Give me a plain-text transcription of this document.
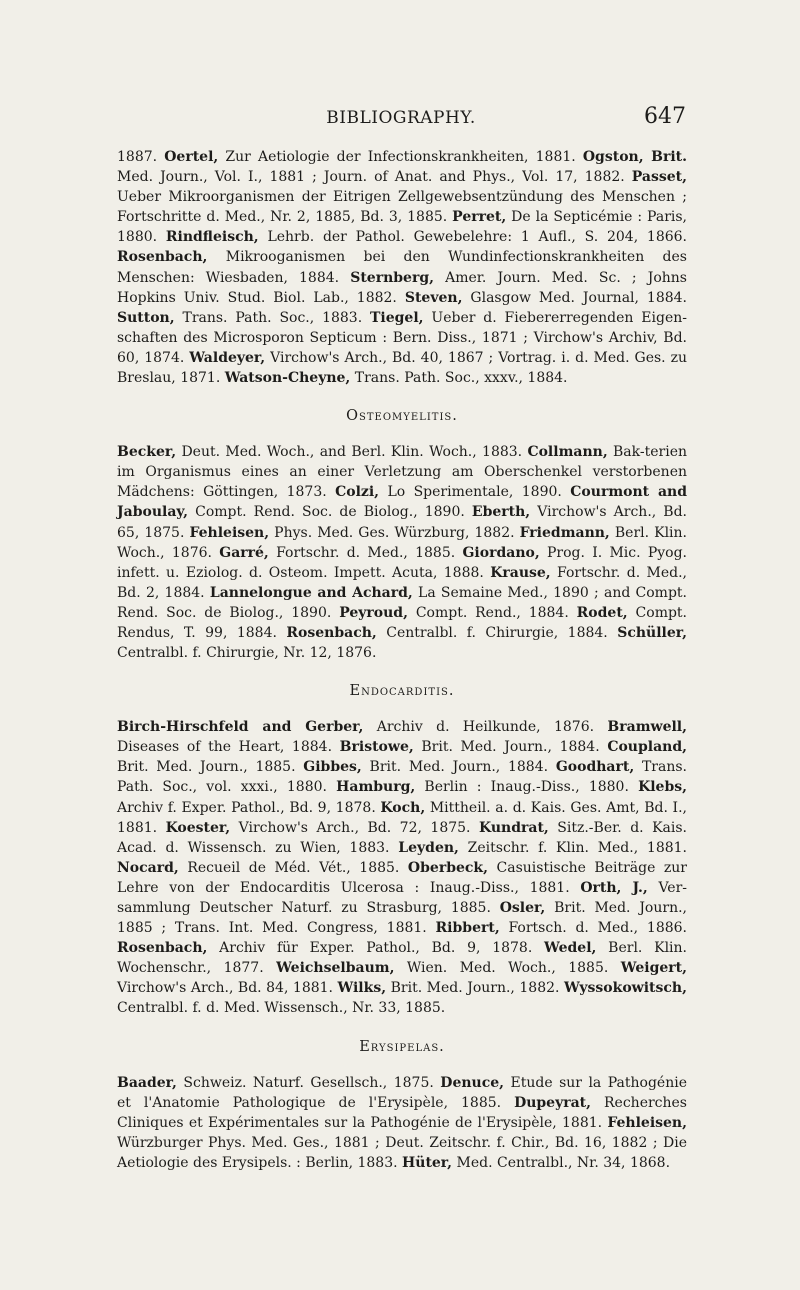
BIBLIOGRAPHY.	647

1887. Oertel, Zur Aetiologie der Infectionskrankheiten, 1881. Ogston, Brit. Med. Journ., Vol. I., 1881 ; Journ. of Anat. and Phys., Vol. 17, 1882. Passet, Ueber Mikroorganismen der Eitrigen Zellgewebsentzündung des Menschen ; Fortschritte d. Med., Nr. 2, 1885, Bd. 3, 1885. Perret, De la Septicémie : Paris, 1880. Rindfleisch, Lehrb. der Pathol. Gewebelehre: 1 Aufl., S. 204, 1866. Rosenbach, Mikrooganismen bei den Wundinfectionskrankheiten des Menschen: Wiesbaden, 1884. Sternberg, Amer. Journ. Med. Sc. ; Johns Hopkins Univ. Stud. Biol. Lab., 1882. Steven, Glasgow Med. Journal, 1884. Sutton, Trans. Path. Soc., 1883. Tiegel, Ueber d. Fiebererregenden Eigen-schaften des Microsporon Septicum : Bern. Diss., 1871 ; Virchow's Archiv, Bd. 60, 1874. Waldeyer, Virchow's Arch., Bd. 40, 1867 ; Vortrag. i. d. Med. Ges. zu Breslau, 1871. Watson-Cheyne, Trans. Path. Soc., xxxv., 1884.

Osteomyelitis.

Becker, Deut. Med. Woch., and Berl. Klin. Woch., 1883. Collmann, Bak-terien im Organismus eines an einer Verletzung am Oberschenkel verstorbenen Mädchens: Göttingen, 1873. Colzi, Lo Sperimentale, 1890. Courmont and Jaboulay, Compt. Rend. Soc. de Biolog., 1890. Eberth, Virchow's Arch., Bd. 65, 1875. Fehleisen, Phys. Med. Ges. Würzburg, 1882. Friedmann, Berl. Klin. Woch., 1876. Garré, Fortschr. d. Med., 1885. Giordano, Prog. I. Mic. Pyog. infett. u. Eziolog. d. Osteom. Impett. Acuta, 1888. Krause, Fortschr. d. Med., Bd. 2, 1884. Lannelongue and Achard, La Semaine Med., 1890 ; and Compt. Rend. Soc. de Biolog., 1890. Peyroud, Compt. Rend., 1884. Rodet, Compt. Rendus, T. 99, 1884. Rosenbach, Centralbl. f. Chirurgie, 1884. Schüller, Centralbl. f. Chirurgie, Nr. 12, 1876.

Endocarditis.

Birch-Hirschfeld and Gerber, Archiv d. Heilkunde, 1876. Bramwell, Diseases of the Heart, 1884. Bristowe, Brit. Med. Journ., 1884. Coupland, Brit. Med. Journ., 1885. Gibbes, Brit. Med. Journ., 1884. Goodhart, Trans. Path. Soc., vol. xxxi., 1880. Hamburg, Berlin : Inaug.-Diss., 1880. Klebs, Archiv f. Exper. Pathol., Bd. 9, 1878. Koch, Mittheil. a. d. Kais. Ges. Amt, Bd. I., 1881. Koester, Virchow's Arch., Bd. 72, 1875. Kundrat, Sitz.-Ber. d. Kais. Acad. d. Wissensch. zu Wien, 1883. Leyden, Zeitschr. f. Klin. Med., 1881. Nocard, Recueil de Méd. Vét., 1885. Oberbeck, Casuistische Beiträge zur Lehre von der Endocarditis Ulcerosa : Inaug.-Diss., 1881. Orth, J., Ver-sammlung Deutscher Naturf. zu Strasburg, 1885. Osler, Brit. Med. Journ., 1885 ; Trans. Int. Med. Congress, 1881. Ribbert, Fortsch. d. Med., 1886. Rosenbach, Archiv für Exper. Pathol., Bd. 9, 1878. Wedel, Berl. Klin. Wochenschr., 1877. Weichselbaum, Wien. Med. Woch., 1885. Weigert, Virchow's Arch., Bd. 84, 1881. Wilks, Brit. Med. Journ., 1882. Wyssokowitsch, Centralbl. f. d. Med. Wissensch., Nr. 33, 1885.

Erysipelas.

Baader, Schweiz. Naturf. Gesellsch., 1875. Denuce, Etude sur la Pathogénie et l'Anatomie Pathologique de l'Erysipèle, 1885. Dupeyrat, Recherches Cliniques et Expérimentales sur la Pathogénie de l'Erysipèle, 1881. Fehleisen, Würzburger Phys. Med. Ges., 1881 ; Deut. Zeitschr. f. Chir., Bd. 16, 1882 ; Die Aetiologie des Erysipels. : Berlin, 1883. Hüter, Med. Centralbl., Nr. 34, 1868.
